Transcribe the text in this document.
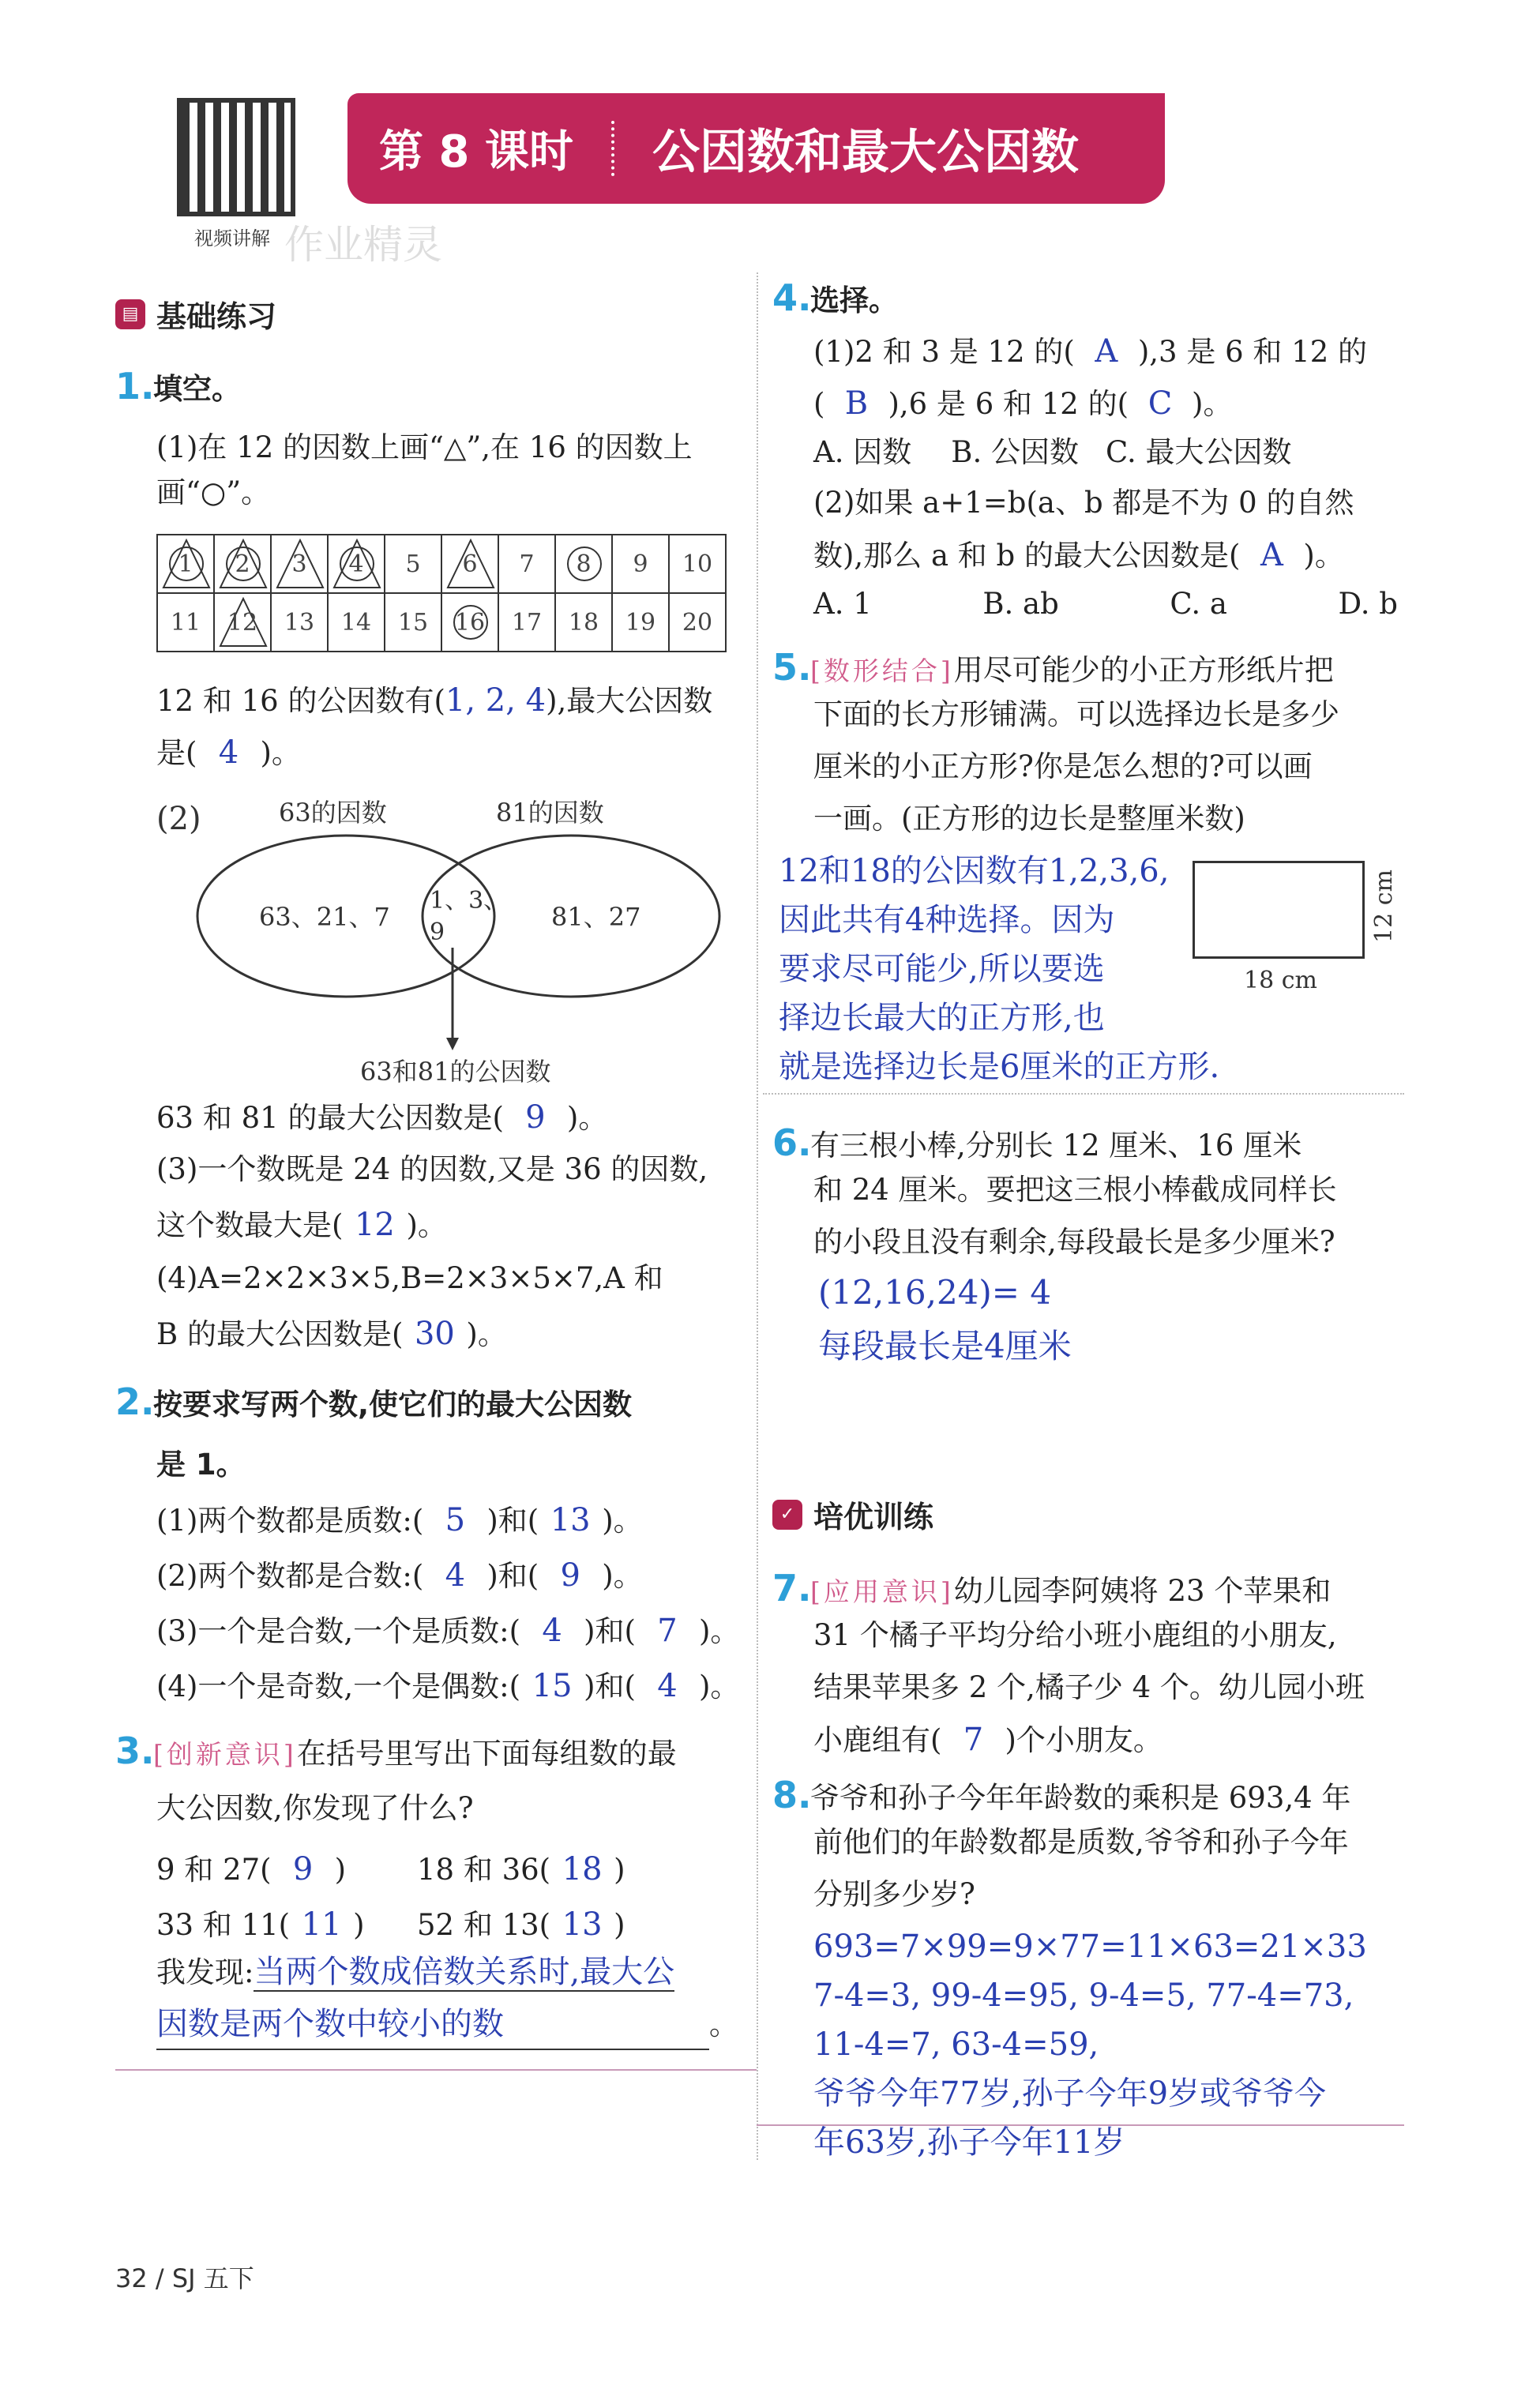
视频讲解
第 8 课时 公因数和最大公因数
作业精灵
▤ 基础练习
1.填空。
(1)在 12 的因数上画“△”,在 16 的因数上画“○”。
1	2	3	4	5	6	7	8	9	10
11	12	13	14	15	16	17	18	19	20
12 和 16 的公因数有(1, 2, 4),最大公因数
是( 4 )。
(2)	63的因数	81的因数
63、21、7
1、3、
9
81、27
63和81的公因数
63 和 81 的最大公因数是( 9 )。
(3)一个数既是 24 的因数,又是 36 的因数,
这个数最大是( 12 )。
(4)A=2×2×3×5,B=2×3×5×7,A 和
B 的最大公因数是( 30 )。
2.按要求写两个数,使它们的最大公因数
是 1。
(1)两个数都是质数:( 5 )和( 13 )。
(2)两个数都是合数:( 4 )和( 9 )。
(3)一个是合数,一个是质数:( 4 )和( 7 )。
(4)一个是奇数,一个是偶数:( 15 )和( 4 )。
3.[创新意识]在括号里写出下面每组数的最
大公因数,你发现了什么?
9 和 27( 9 ) 18 和 36( 18 )
33 和 11( 11 ) 52 和 13( 13 )
我发现:当两个数成倍数关系时,最大公
因数是两个数中较小的数	。
4.选择。
(1)2 和 3 是 12 的( A ),3 是 6 和 12 的
( B ),6 是 6 和 12 的( C )。
A. 因数 B. 公因数 C. 最大公因数
(2)如果 a+1=b(a、b 都是不为 0 的自然
数),那么 a 和 b 的最大公因数是( A )。
A. 1	B. ab	C. a	D. b
5.[数形结合]用尽可能少的小正方形纸片把
下面的长方形铺满。可以选择边长是多少
厘米的小正方形?你是怎么想的?可以画
一画。(正方形的边长是整厘米数)
12和18的公因数有1,2,3,6,
因此共有4种选择。因为
要求尽可能少,所以要选
择边长最大的正方形,也
就是选择边长是6厘米的正方形.
18 cm
12 cm
6.有三根小棒,分别长 12 厘米、16 厘米
和 24 厘米。要把这三根小棒截成同样长
的小段且没有剩余,每段最长是多少厘米?
(12,16,24)= 4
每段最长是4厘米
✓ 培优训练
7.[应用意识]幼儿园李阿姨将 23 个苹果和
31 个橘子平均分给小班小鹿组的小朋友,
结果苹果多 2 个,橘子少 4 个。幼儿园小班
小鹿组有( 7 )个小朋友。
8.爷爷和孙子今年年龄数的乘积是 693,4 年
前他们的年龄数都是质数,爷爷和孙子今年
分别多少岁?
693=7×99=9×77=11×63=21×33
7-4=3, 99-4=95, 9-4=5, 77-4=73,
11-4=7, 63-4=59,
爷爷今年77岁,孙子今年9岁或爷爷今
年63岁,孙子今年11岁
32 / SJ 五下
